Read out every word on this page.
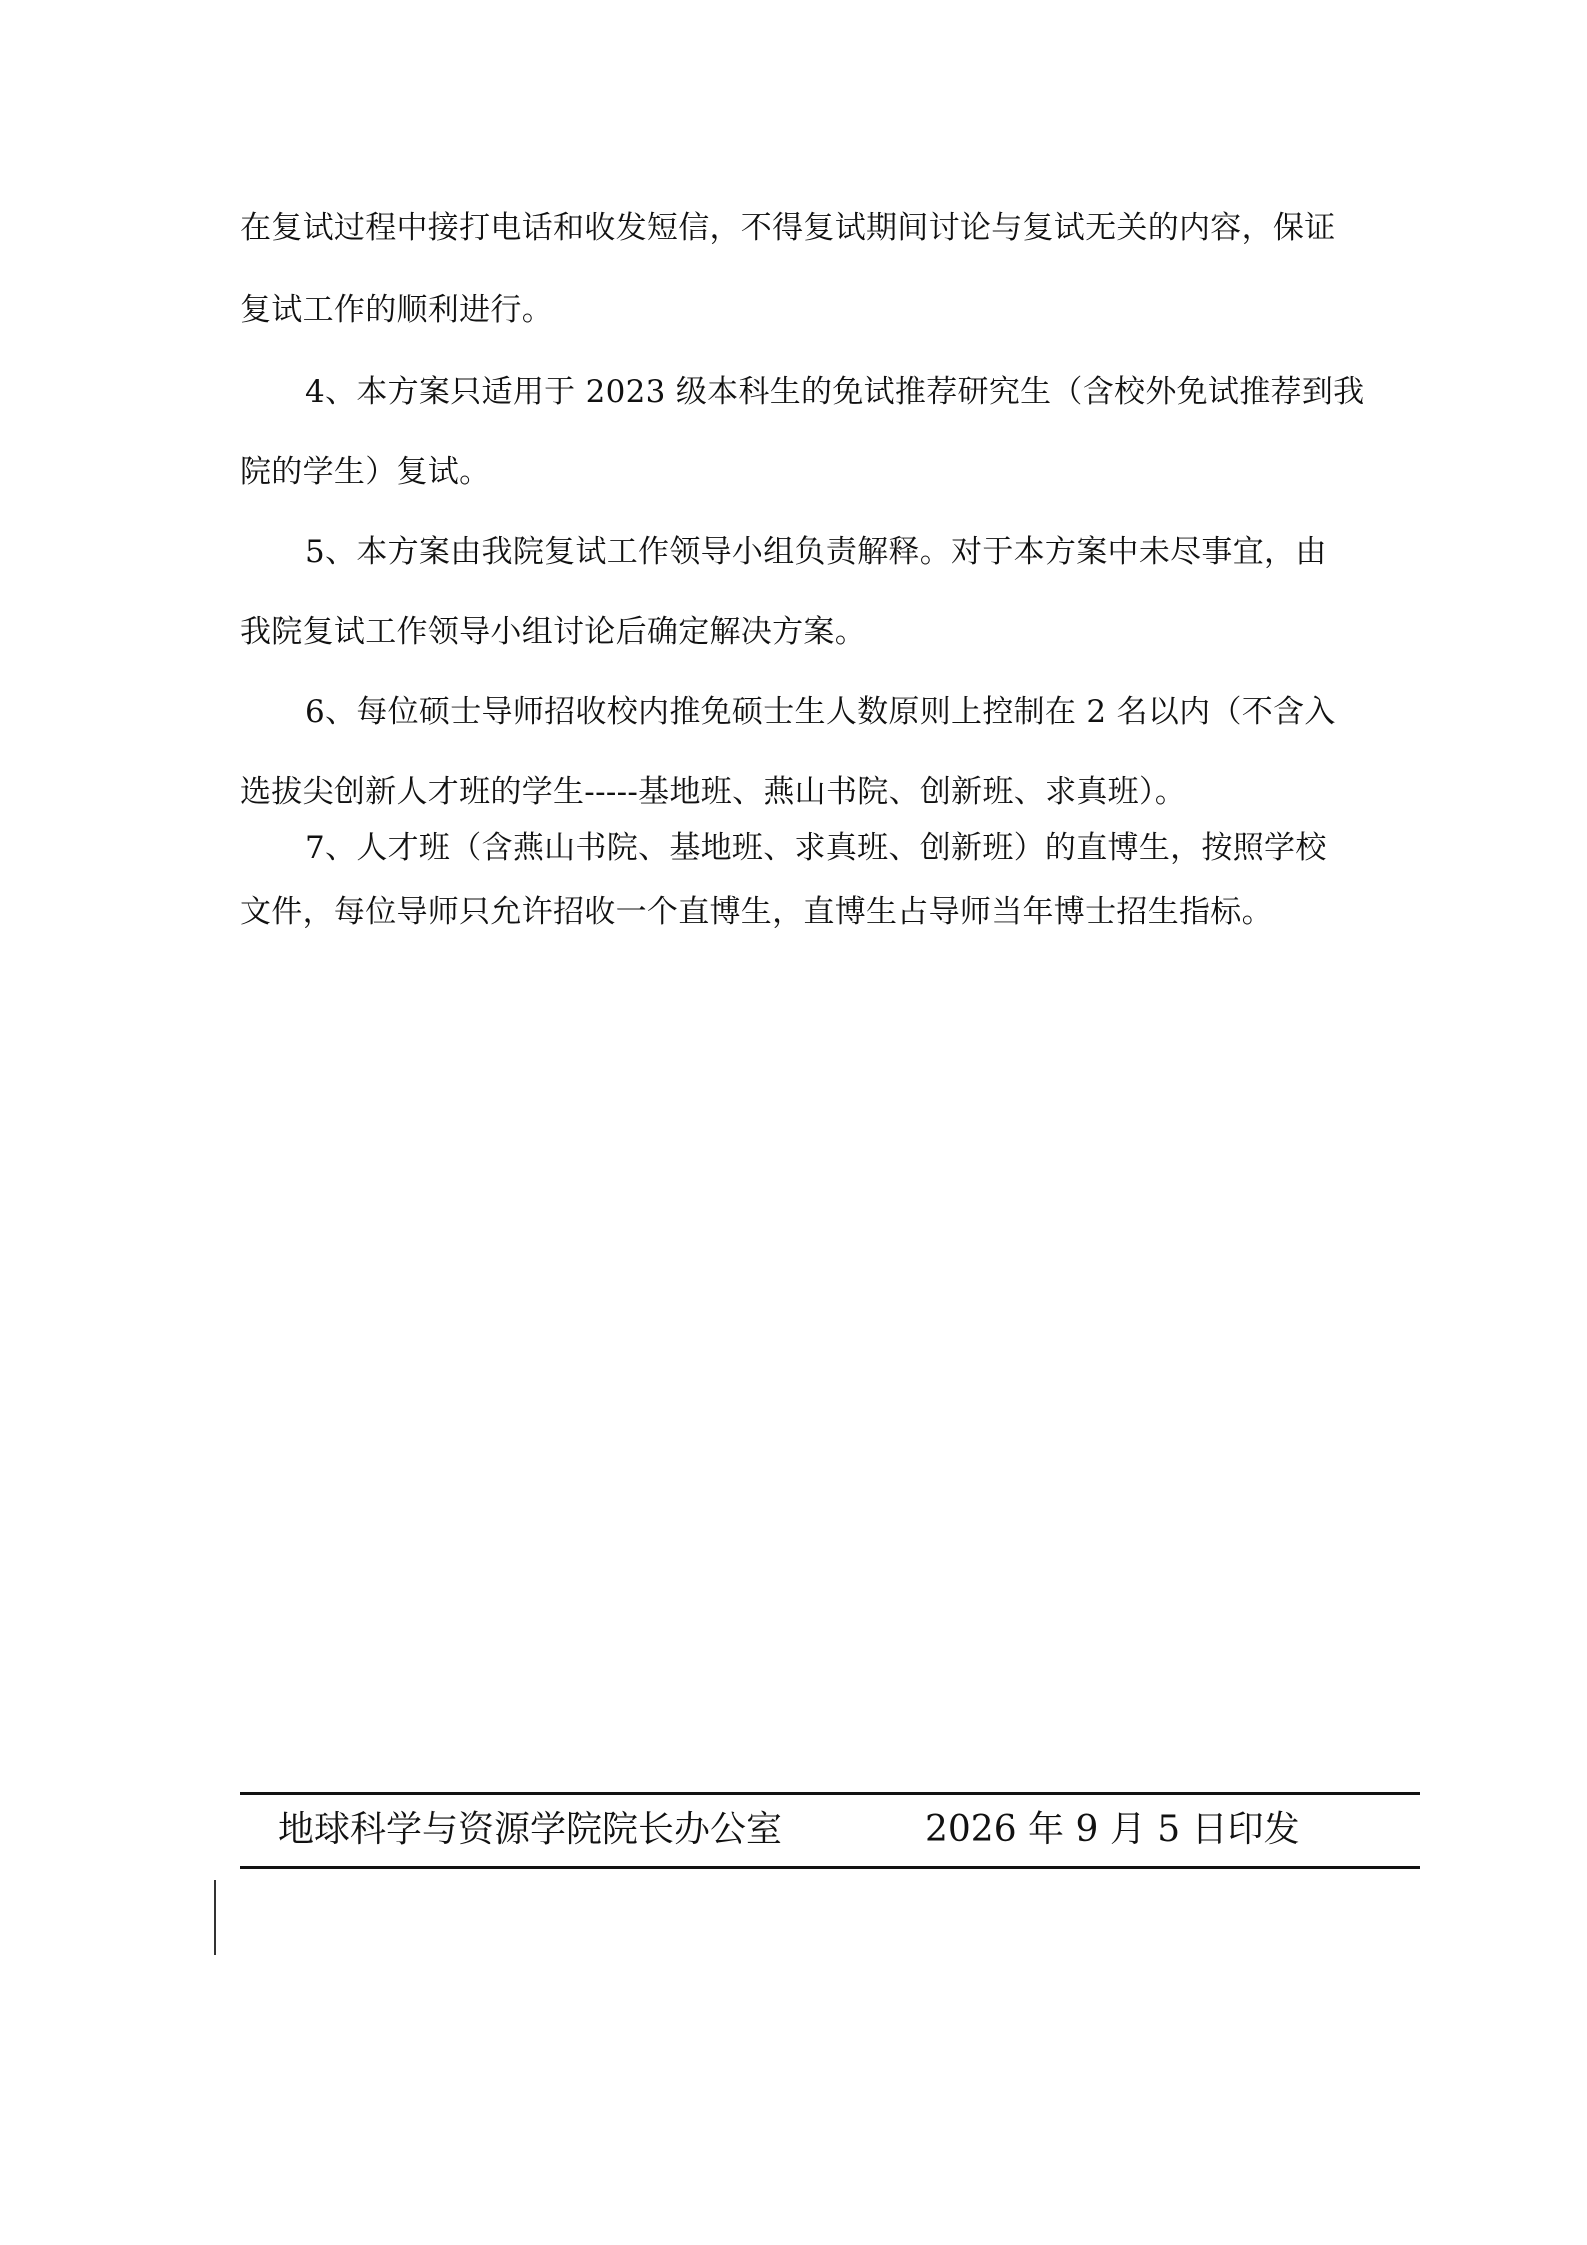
在复试过程中接打电话和收发短信，不得复试期间讨论与复试无关的内容，保证
复试工作的顺利进行。
4、本方案只适用于 2023 级本科生的免试推荐研究生（含校外免试推荐到我
院的学生）复试。
5、本方案由我院复试工作领导小组负责解释。对于本方案中未尽事宜，由
我院复试工作领导小组讨论后确定解决方案。
6、每位硕士导师招收校内推免硕士生人数原则上控制在 2 名以内（不含入
选拔尖创新人才班的学生-----基地班、燕山书院、创新班、求真班）。
7、人才班（含燕山书院、基地班、求真班、创新班）的直博生，按照学校
文件，每位导师只允许招收一个直博生，直博生占导师当年博士招生指标。
地球科学与资源学院院长办公室	2026 年 9 月 5 日印发
